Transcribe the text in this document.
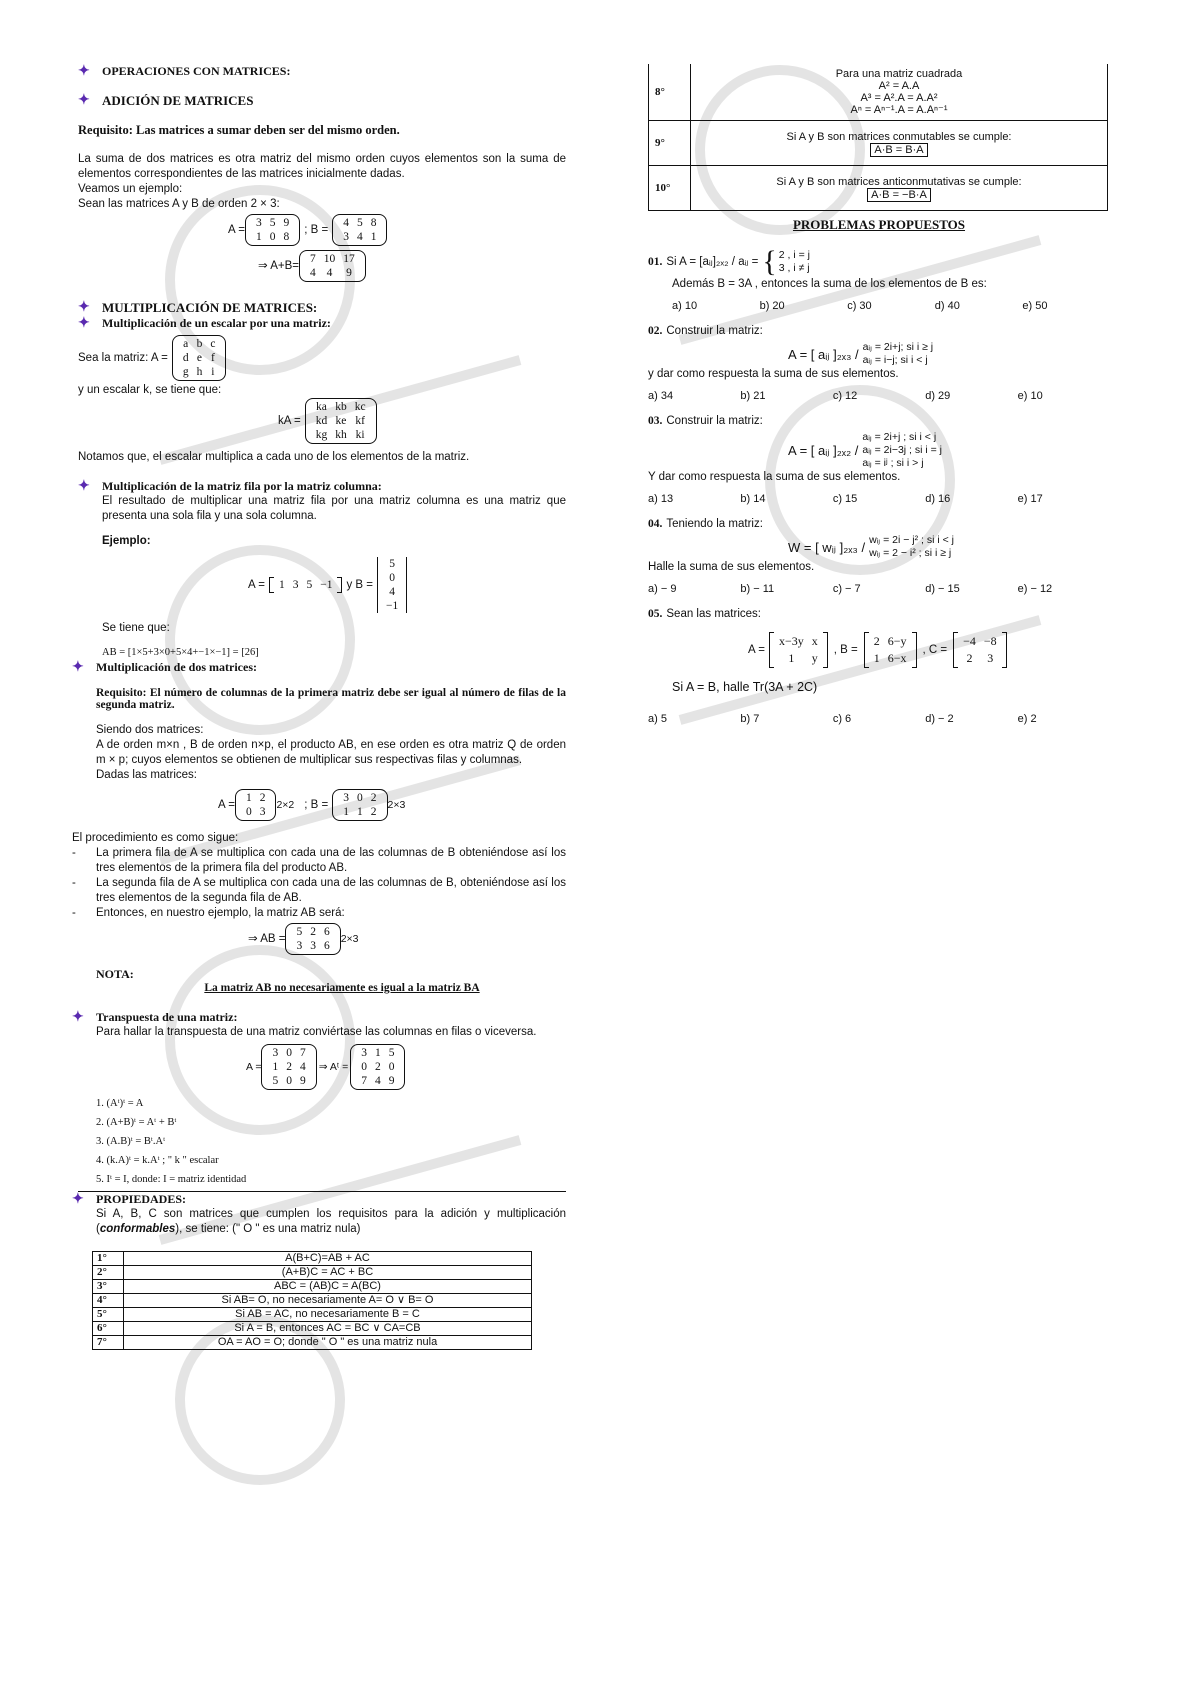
✦ OPERACIONES CON MATRICES:
✦ ADICIÓN DE MATRICES
Requisito: Las matrices a sumar deben ser del mismo orden.
La suma de dos matrices es otra matriz del mismo orden cuyos elementos son la suma de elementos correspondientes de las matrices inicialmente dadas.
Veamos un ejemplo:
Sean las matrices A y B de orden 2 × 3:
A =
3	5	9
1	0	8
; B =
4	5	8
3	4	1
⇒ A+B=
7	10	17
4	4	9
✦ MULTIPLICACIÓN DE MATRICES:
✦ Multiplicación de un escalar por una matriz:
Sea la matriz: A =
a	b	c
d	e	f
g	h	i
y un escalar k, se tiene que:
kA =
ka	kb	kc
kd	ke	kf
kg	kh	ki
Notamos que, el escalar multiplica a cada uno de los elementos de la matriz.
✦ Multiplicación de la matriz fila por la matriz columna:
El resultado de multiplicar una matriz fila por una matriz columna es una matriz que presenta una sola fila y una sola columna.
Ejemplo:
A = 1	3	5	−1 y B =
5
0
4
−1
Se tiene que:
AB = [1×5+3×0+5×4+−1×−1] = [26]
✦ Multiplicación de dos matrices:
Requisito: El número de columnas de la primera matriz debe ser igual al número de filas de la segunda matriz.
Siendo dos matrices:
A de orden m×n , B de orden n×p, el producto AB, en ese orden es otra matriz Q de orden m × p; cuyos elementos se obtienen de multiplicar sus respectivas filas y columnas.
Dadas las matrices:
A =
1	2
0	3
2×2 ; B =
3	0	2
1	1	2
2×3
El procedimiento es como sigue:
- La primera fila de A se multiplica con cada una de las columnas de B obteniéndose así los tres elementos de la primera fila del producto AB.
- La segunda fila de A se multiplica con cada una de las columnas de B, obteniéndose así los tres elementos de la segunda fila de AB.
- Entonces, en nuestro ejemplo, la matriz AB será:
⇒ AB =
5	2	6
3	3	6
2×3
NOTA:
La matriz AB no necesariamente es igual a la matriz BA
✦ Transpuesta de una matriz:
Para hallar la transpuesta de una matriz conviértase las columnas en filas o viceversa.
A =
3	0	7
1	2	4
5	0	9
⇒ Aᵗ =
3	1	5
0	2	0
7	4	9
1. (Aᵗ)ᵗ = A
2. (A+B)ᵗ = Aᵗ + Bᵗ
3. (A.B)ᵗ = Bᵗ.Aᵗ
4. (k.A)ᵗ = k.Aᵗ ; " k " escalar
5. Iᵗ = I, donde: I = matriz identidad
✦ PROPIEDADES:
Si A, B, C son matrices que cumplen los requisitos para la adición y multiplicación (conformables), se tiene: (" O " es una matriz nula)
1°	A(B+C)=AB + AC
2°	(A+B)C = AC + BC
3°	ABC = (AB)C = A(BC)
4°	Si AB= O, no necesariamente A= O ∨ B= O
5°	Si AB = AC, no necesariamente B = C
6°	Si A = B, entonces AC = BC ∨ CA=CB
7°	OA = AO = O; donde " O " es una matriz nula
8°	Para una matriz cuadrada
A² = A.A
A³ = A².A = A.A²
Aⁿ = Aⁿ⁻¹.A = A.Aⁿ⁻¹

9°	Si A y B son matrices conmutables se cumple:
A·B = B·A

10°	Si A y B son matrices anticonmutativas se cumple:
A·B = −B·A
PROBLEMAS PROPUESTOS
01. Si A = [aᵢⱼ]₂ₓ₂ / aᵢⱼ = { 2 , i = j
3 , i ≠ j
Además B = 3A , entonces la suma de los elementos de B es:
a) 10	b) 20	c) 30	d) 40	e) 50
02. Construir la matriz:
A = [ aᵢⱼ ]₂ₓ₃ / aᵢⱼ = 2i+j; si i ≥ j
aᵢⱼ = i−j; si i < j
y dar como respuesta la suma de sus elementos.
a) 34	b) 21	c) 12	d) 29	e) 10
03. Construir la matriz:
A = [ aᵢⱼ ]₂ₓ₂ /
aᵢⱼ = 2i+j ; si i < j
aᵢⱼ = 2i−3j ; si i = j
aᵢⱼ = iʲ ; si i > j
Y dar como respuesta la suma de sus elementos.
a) 13	b) 14	c) 15	d) 16	e) 17
04. Teniendo la matriz:
W = [ wᵢⱼ ]₂ₓ₃ / wᵢⱼ = 2i − j² ; si i < j
wᵢⱼ = 2 − i² ; si i ≥ j
Halle la suma de sus elementos.
a) − 9	b) − 11	c) − 7	d) − 15	e) − 12
05. Sean las matrices:
A =
x−3y	x
1	y
, B =
2	6−y
1	6−x
, C =
−4	−8
2	3
Si A = B, halle Tr(3A + 2C)
a) 5	b) 7	c) 6	d) − 2	e) 2
